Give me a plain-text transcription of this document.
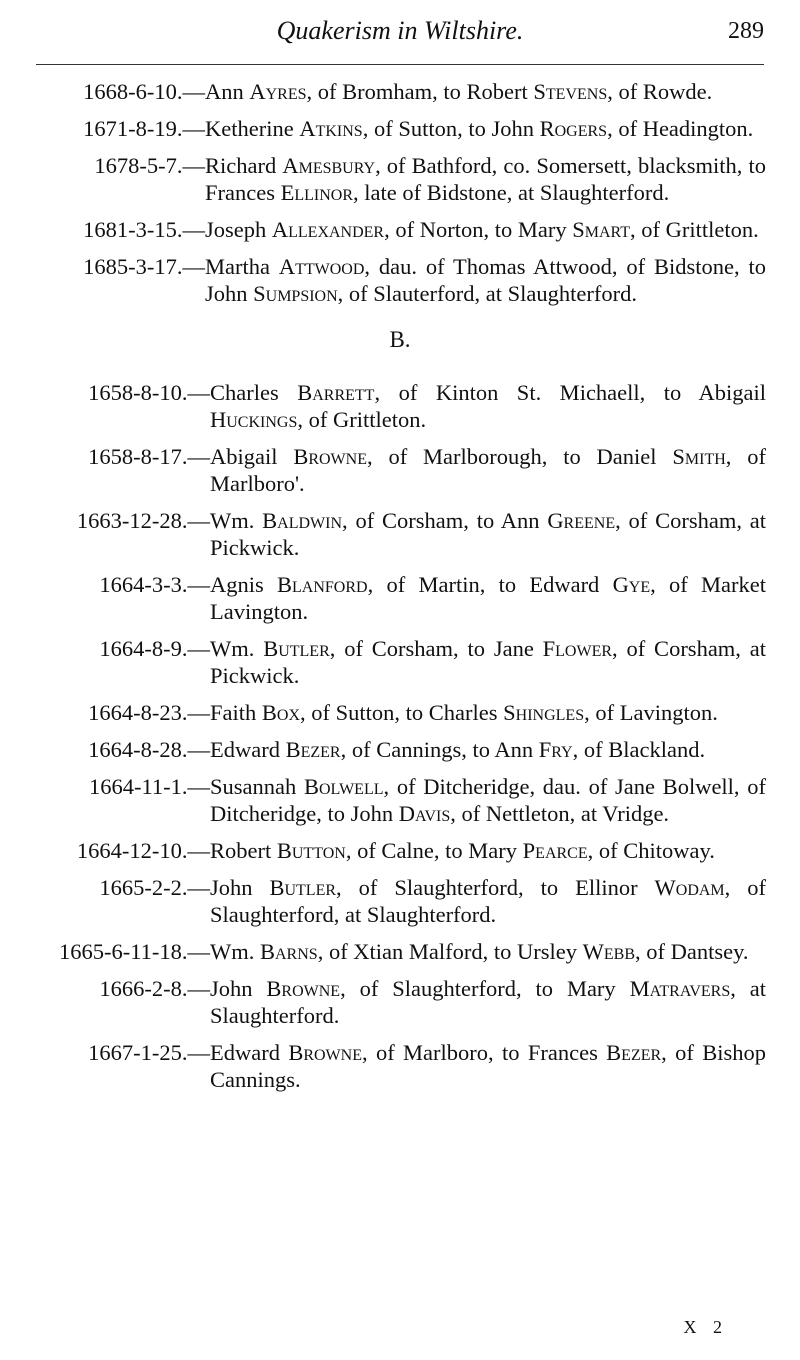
Quakerism in Wiltshire.	289
1668-6-10.— Ann Ayres, of Bromham, to Robert Stevens, of Rowde.
1671-8-19.— Ketherine Atkins, of Sutton, to John Rogers, of Headington.
1678-5-7.— Richard Amesbury, of Bathford, co. Somersett, blacksmith, to Frances Ellinor, late of Bidstone, at Slaughterford.
1681-3-15.— Joseph Allexander, of Norton, to Mary Smart, of Grittleton.
1685-3-17.— Martha Attwood, dau. of Thomas Attwood, of Bidstone, to John Sumpsion, of Slauterford, at Slaughterford.
B.
1658-8-10.— Charles Barrett, of Kinton St. Michaell, to Abigail Huckings, of Grittleton.
1658-8-17.— Abigail Browne, of Marlborough, to Daniel Smith, of Marlboro'.
1663-12-28.— Wm. Baldwin, of Corsham, to Ann Greene, of Corsham, at Pickwick.
1664-3-3.— Agnis Blanford, of Martin, to Edward Gye, of Market Lavington.
1664-8-9.— Wm. Butler, of Corsham, to Jane Flower, of Corsham, at Pickwick.
1664-8-23.— Faith Box, of Sutton, to Charles Shingles, of Lavington.
1664-8-28.— Edward Bezer, of Cannings, to Ann Fry, of Blackland.
1664-11-1.— Susannah Bolwell, of Ditcheridge, dau. of Jane Bolwell, of Ditcheridge, to John Davis, of Nettleton, at Vridge.
1664-12-10.— Robert Button, of Calne, to Mary Pearce, of Chitoway.
1665-2-2.— John Butler, of Slaughterford, to Ellinor Wodam, of Slaughterford, at Slaughterford.
1665-6-11-18.— Wm. Barns, of Xtian Malford, to Ursley Webb, of Dantsey.
1666-2-8.— John Browne, of Slaughterford, to Mary Matravers, at Slaughterford.
1667-1-25.— Edward Browne, of Marlboro, to Frances Bezer, of Bishop Cannings.
X 2
